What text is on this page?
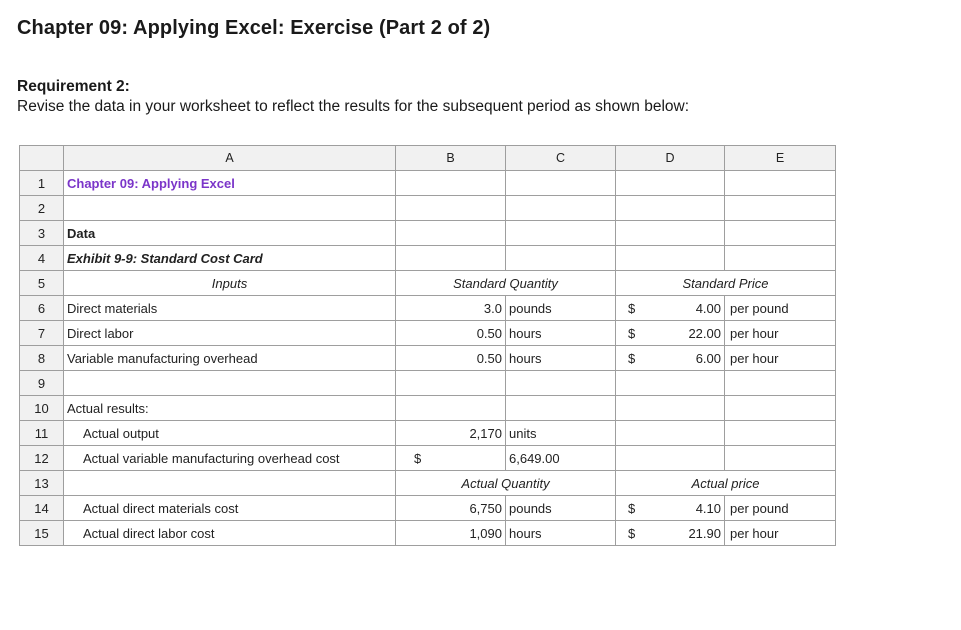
Chapter 09: Applying Excel: Exercise (Part 2 of 2)
Requirement 2:
Revise the data in your worksheet to reflect the results for the subsequent period as shown below:
	A	B	C	D	E
1	Chapter 09: Applying Excel				
2					
3	Data				
4	Exhibit 9-9: Standard Cost Card				
5	Inputs	Standard Quantity		Standard Price	
6	Direct materials	3.0	pounds	$ 4.00	per pound

7	Direct labor	0.50	hours	$ 22.00	per hour

8	Variable manufacturing overhead	0.50	hours	$ 6.00	per hour

9					
10	Actual results:				
11	Actual output	2,170	units		
12	Actual variable manufacturing overhead cost	$	6,649.00		
13		Actual Quantity		Actual price	
14	Actual direct materials cost	6,750	pounds	$ 4.10	per pound

15	Actual direct labor cost	1,090	hours	$ 21.90	per hour
